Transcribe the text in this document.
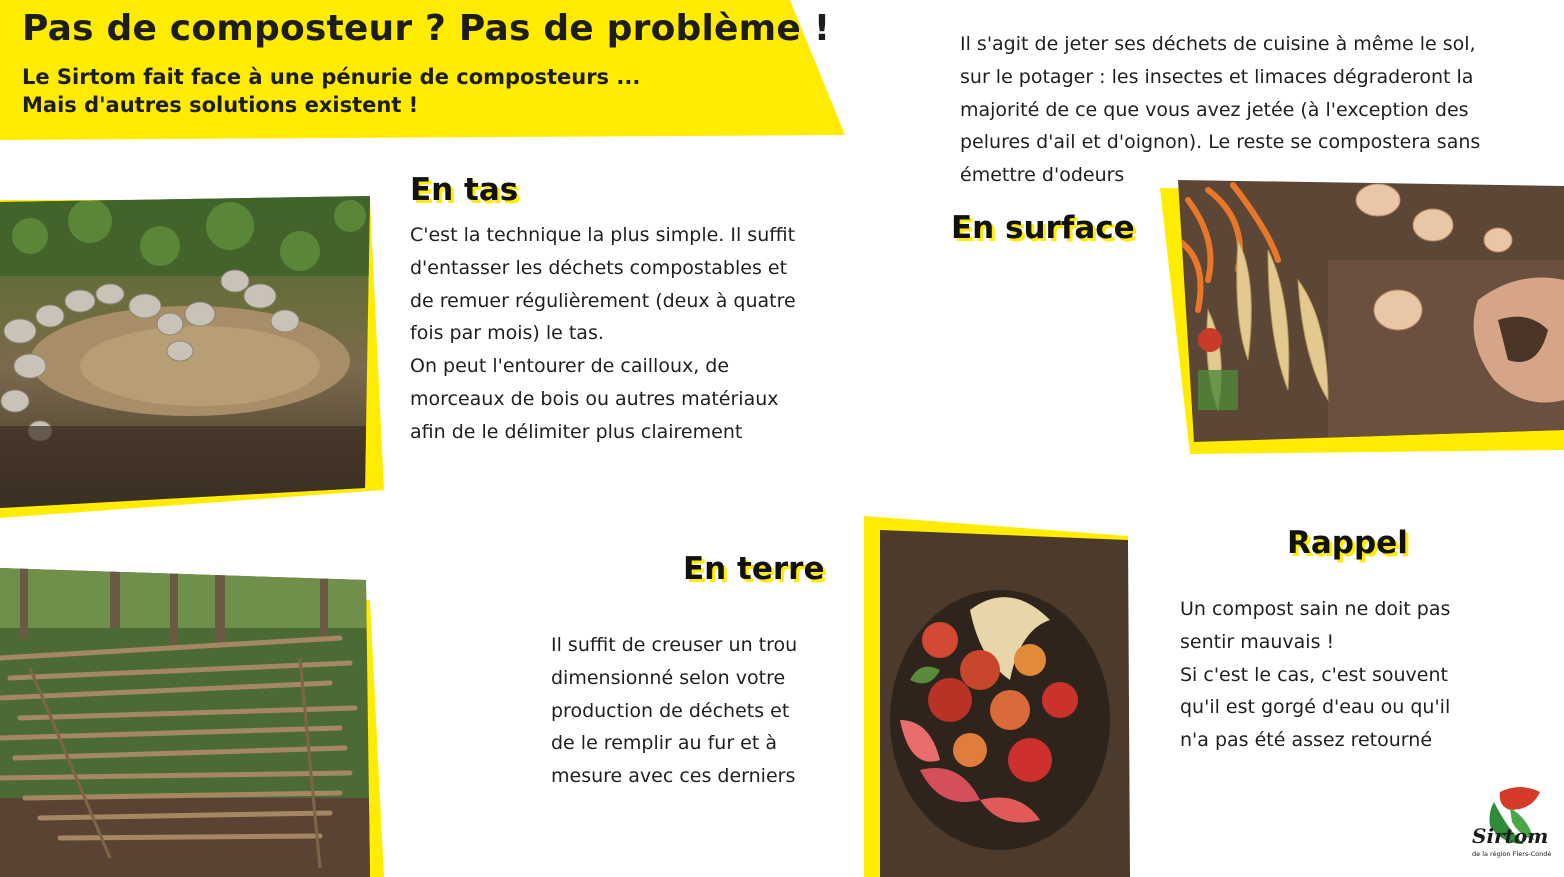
Pas de composteur ? Pas de problème !
Le Sirtom fait face à une pénurie de composteurs ...
Mais d'autres solutions existent !
En tas
C'est la technique la plus simple. Il suffit
d'entasser les déchets compostables et
de remuer régulièrement (deux à quatre
fois par mois) le tas.
On peut l'entourer de cailloux, de
morceaux de bois ou autres matériaux
afin de le délimiter plus clairement
Il s'agit de jeter ses déchets de cuisine à même le sol,
sur le potager : les insectes et limaces dégraderont la
majorité de ce que vous avez jetée (à l'exception des
pelures d'ail et d'oignon). Le reste se compostera sans
émettre d'odeurs
En surface
En terre
Il suffit de creuser un trou
dimensionné selon votre
production de déchets et
de le remplir au fur et à
mesure avec ces derniers
Rappel
Un compost sain ne doit pas
sentir mauvais !
Si c'est le cas, c'est souvent
qu'il est gorgé d'eau ou qu'il
n'a pas été assez retourné
Sirtom
de la région Flers-Condé
